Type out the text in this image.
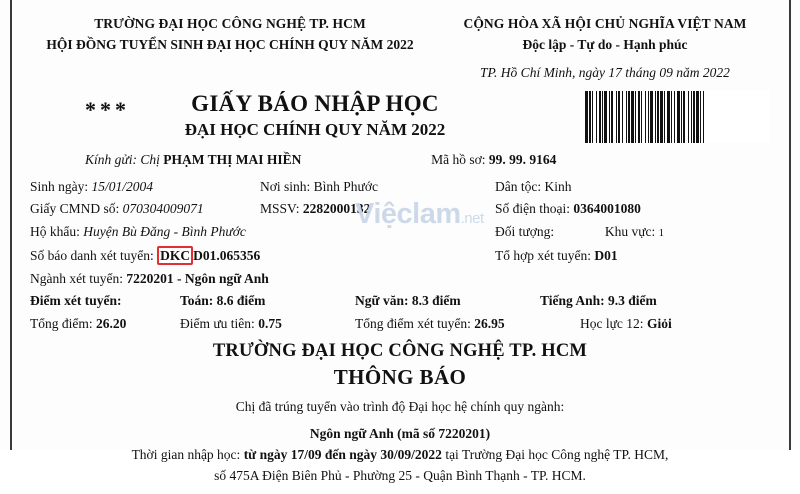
TRƯỜNG ĐẠI HỌC CÔNG NGHỆ TP. HCM
HỘI ĐỒNG TUYỂN SINH ĐẠI HỌC CHÍNH QUY NĂM 2022
CỘNG HÒA XÃ HỘI CHỦ NGHĨA VIỆT NAM
Độc lập - Tự do - Hạnh phúc
TP. Hồ Chí Minh, ngày 17 tháng 09 năm 2022
***	GIẤY BÁO NHẬP HỌC
ĐẠI HỌC CHÍNH QUY NĂM 2022
Kính gửi: Chị PHẠM THỊ MAI HIỀN	Mã hồ sơ: 99. 99. 9164
Sinh ngày: 15/01/2004	Nơi sinh: Bình Phước	Dân tộc: Kinh
Giấy CMND số: 070304009071	MSSV: 2282000132	Số điện thoại: 0364001080
Hộ khẩu: Huyện Bù Đăng - Bình Phước	Đối tượng:	Khu vực: 1
Số báo danh xét tuyển: DKC D01.065356	Tổ hợp xét tuyển: D01
Ngành xét tuyển: 7220201 - Ngôn ngữ Anh
Điểm xét tuyển:	Toán: 8.6 điểm	Ngữ văn: 8.3 điểm	Tiếng Anh: 9.3 điểm
Tổng điểm: 26.20	Điểm ưu tiên: 0.75	Tổng điểm xét tuyển: 26.95	Học lực 12: Giỏi
TRƯỜNG ĐẠI HỌC CÔNG NGHỆ TP. HCM
THÔNG BÁO
Chị đã trúng tuyển vào trình độ Đại học hệ chính quy ngành:
Ngôn ngữ Anh (mã số 7220201)
Thời gian nhập học: từ ngày 17/09 đến ngày 30/09/2022 tại Trường Đại học Công nghệ TP. HCM,
số 475A Điện Biên Phủ - Phường 25 - Quận Bình Thạnh - TP. HCM.
Việclam.net
